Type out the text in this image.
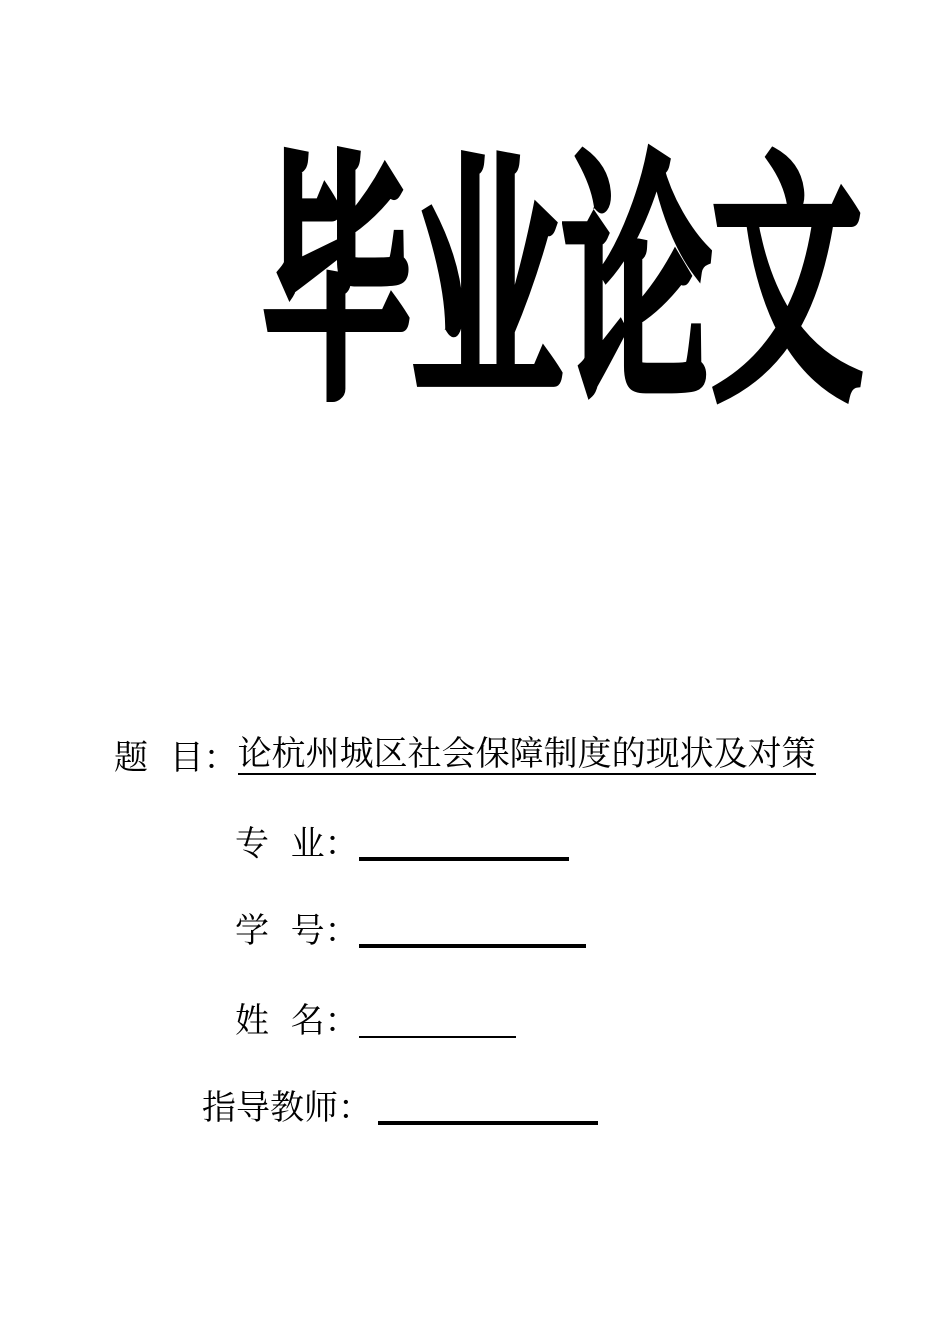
毕 业 论 文
题  目： 论杭州城区社会保障制度的现状及对策
专  业：
学  号：
姓  名：
指导教师：
